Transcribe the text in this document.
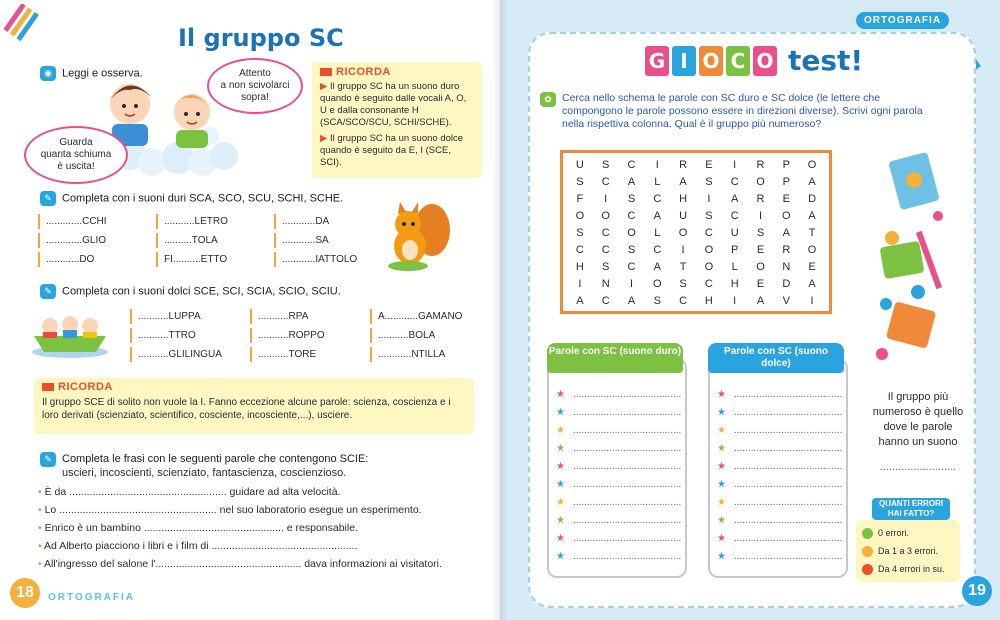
Il gruppo SC
◉ Leggi e osserva.	Attento
a non scivolarci
sopra!
Guarda
quanta schiuma
è uscita!
RICORDA
▶ Il gruppo SC ha un suono duro quando è seguito dalle vocali A, O, U e dalla consonante H (SCA/SCO/SCU, SCHI/SCHE).
▶ Il gruppo SC ha un suono dolce quando è seguito da E, I (SCE, SCI).
✎ Completa con i suoni duri SCA, SCO, SCU, SCHI, SCHE.
.............CCHI	...........LETRO	............DA
.............GLIO	..........TOLA	............SA
............DO	FI..........ETTO	............IATTOLO
✎ Completa con i suoni dolci SCE, SCI, SCIA, SCIO, SCIU.
...........LUPPA	...........RPA	A............GAMANO
...........TTRO	...........ROPPO	...........BOLA
...........GLILINGUA	...........TORE	............NTILLA
RICORDA
Il gruppo SCE di solito non vuole la I. Fanno eccezione alcune parole: scienza, coscienza e i loro derivati (scienziato, scientifico, cosciente, incosciente,...), usciere.
✎ Completa le frasi con le seguenti parole che contengono SCIE:
uscieri, incoscienti, scienziato, fantascienza, coscienzioso.
• È da ...................................................... guidare ad alta velocità.
• Lo ...................................................... nel suo laboratorio esegue un esperimento.
• Enrico è un bambino ................................................ e responsabile.
• Ad Alberto piacciono i libri e i film di ..................................................
• All'ingresso del salone l'.................................................. dava informazioni ai visitatori.
18	ORTOGRAFIA
ORTOGRAFIA
G I O C O test!
✿ Cerca nello schema le parole con SC duro e SC dolce (le lettere che compongono le parole possono essere in direzioni diverse). Scrivi ogni parola nella rispettiva colonna. Qual è il gruppo più numeroso?
U	S	C	I	R	E	I	R	P	O
S	C	A	L	A	S	C	O	P	A
F	I	S	C	H	I	A	R	E	D
O	O	C	A	U	S	C	I	O	A
S	C	O	L	O	C	U	S	A	T
C	C	S	C	I	O	P	E	R	O
H	S	C	A	T	O	L	O	N	E
I	N	I	O	S	C	H	E	D	A
A	C	A	S	C	H	I	A	V	I
Parole con SC (suono duro)
★ .......................................
★ .......................................
★ .......................................
★ .......................................
★ .......................................
★ .......................................
★ .......................................
★ .......................................
★ .......................................
★ .......................................
Parole con SC (suono dolce)
★ .......................................
★ .......................................
★ .......................................
★ .......................................
★ .......................................
★ .......................................
★ .......................................
★ .......................................
★ .......................................
★ .......................................
Il gruppo più numeroso è quello dove le parole hanno un suono
.........................
QUANTI ERRORI HAI FATTO?
0 errori.
Da 1 a 3 errori.
Da 4 errori in su.
19
